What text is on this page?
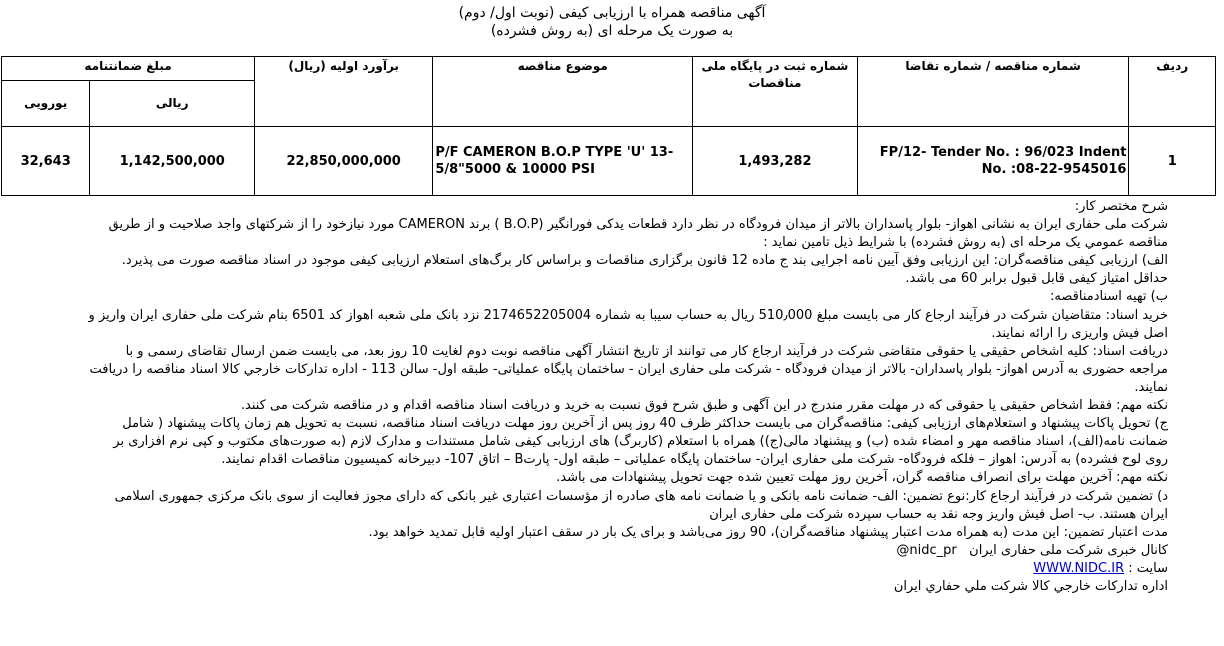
آگهی مناقصه همراه با ارزیابی کیفی (نوبت اول/ دوم)
به صورت یک مرحله ای (به روش فشرده)
ردیف	شماره مناقصه / شماره تقاضا	شماره ثبت در پایگاه ملی مناقصات	موضوع مناقصه	برآورد اولیه (ریال)	مبلغ ضمانتنامه	
					ریالی	یورویی
1	FP/12- Tender No. : 96/023 Indent No. :08-22-9545016	1,493,282	P/F CAMERON B.O.P TYPE 'U' 13-5/8"5000 & 10000 PSI	22,850,000,000	1,142,500,000	32,643

شرح مختصر کار:

شرکت ملی حفاری ایران به نشانی اهواز- بلوار پاسداران بالاتر از میدان فرودگاه در نظر دارد قطعات یدکی فورانگیر (B.O.P ) برند CAMERON مورد نیازخود را از شرکتهای واجد صلاحیت و از طریق مناقصه عمومي یک مرحله ای (به روش فشرده) با شرایط ذیل تامین نماید :

الف) ارزیابی کیفی مناقصه‌گران: این ارزیابی وفق آیین نامه اجرایی بند ج ماده 12 قانون برگزاری مناقصات و براساس کار برگ‌های استعلام ارزیابی کیفی موجود در اسناد مناقصه صورت می پذیرد. حداقل امتیاز کیفی قابل قبول برابر 60 می باشد.

ب) تهیه اسنادمناقصه:

خرید اسناد: متقاضیان شرکت در فرآیند ارجاع کار می بایست مبلغ 510٫000 ریال به حساب سیبا به شماره 2174652205004 نزد بانک ملی شعبه اهواز کد 6501 بنام شرکت ملی حفاری ایران واریز و اصل فیش واریزی را ارائه نمایند.

دریافت اسناد: کلیه اشخاص حقیقی یا حقوقی متقاضی شرکت در فرآیند ارجاع کار می توانند از تاریخ انتشار آگهی مناقصه نوبت دوم لغایت 10 روز بعد، می بایست ضمن ارسال تقاضای رسمی و با مراجعه حضوری به آدرس اهواز- بلوار پاسداران- بالاتر از میدان فرودگاه - شرکت ملی حفاری ایران - ساختمان پایگاه عملیاتی- طبقه اول- سالن 113 - اداره تدارکات خارجي کالا اسناد مناقصه را دریافت نمایند.

نکته مهم: فقط اشخاص حقیقی یا حقوقی که در مهلت مقرر مندرج در این آگهی و طبق شرح فوق نسبت به خرید و دریافت اسناد مناقصه اقدام و در مناقصه شرکت می کنند.

ج) تحویل پاکات پیشنهاد و استعلام‌های ارزیابی کیفی: مناقصه‌گران می بایست حداکثر ظرف 40 روز پس از آخرین روز مهلت دریافت اسناد مناقصه، نسبت به تحویل هم زمان پاکات پیشنهاد ( شامل ضمانت نامه(الف)، اسناد مناقصه مهر و امضاء شده (ب) و پیشنهاد مالی(ج)) همراه با استعلام (کاربرگ) های ارزیابی کیفی شامل مستندات و مدارک لازم (به صورت‌های مکتوب و کپی نرم افزاری بر روی لوح فشرده) به آدرس: اهواز – فلکه فرودگاه- شرکت ملی حفاری ایران- ساختمان پایگاه عملیاتی – طبقه اول- پارتB – اتاق 107- دبیرخانه کمیسیون مناقصات اقدام نمایند.

نکته مهم: آخرین مهلت برای انصراف مناقصه گران، آخرین روز مهلت تعیین شده جهت تحویل پیشنهادات می باشد.

د) تضمین شرکت در فرآیند ارجاع کار:نوع تضمین: الف- ضمانت نامه بانکی و یا ضمانت نامه های صادره از مؤسسات اعتباری غیر بانکی که دارای مجوز فعالیت از سوی بانک مرکزی جمهوری اسلامی ایران هستند. ب- اصل فیش واریز وجه نقد به حساب سپرده شرکت ملی حفاری ایران

مدت اعتبار تضمین: این مدت (به همراه مدت اعتبار پیشنهاد مناقصه‌گران)، 90 روز می‌باشد و برای یک بار در سقف اعتبار اولیه قابل تمدید خواهد بود.

کانال خبری شرکت ملی حفاری ایران   @nidc_pr

سایت : WWW.NIDC.IR

اداره تدارکات خارجي کالا شرکت ملي حفاري ايران
